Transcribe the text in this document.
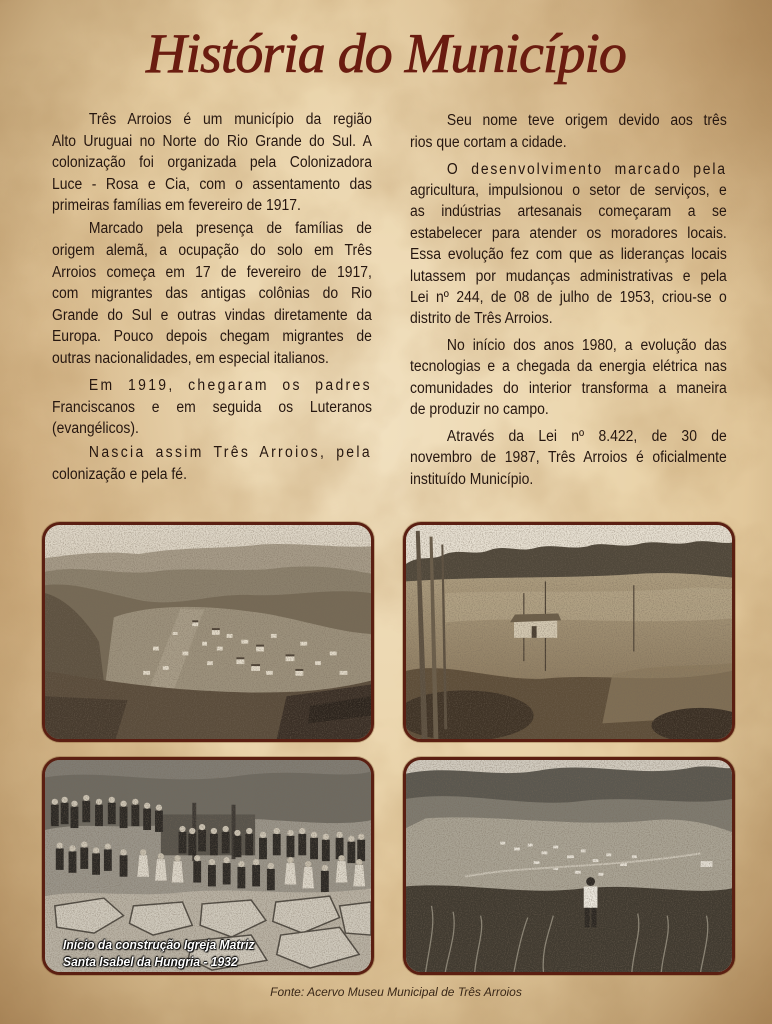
História do Município
Três Arroios é um município da região
Alto Uruguai no Norte do Rio Grande do Sul. A
colonização foi organizada pela Colonizadora
Luce - Rosa e Cia, com o assentamento das
primeiras famílias em fevereiro de 1917.
Marcado pela presença de famílias de
origem alemã, a ocupação do solo em Três
Arroios começa em 17 de fevereiro de 1917,
com migrantes das antigas colônias do Rio
Grande do Sul e outras vindas diretamente da
Europa. Pouco depois chegam migrantes de
outras nacionalidades, em especial italianos.
Em 1919, chegaram os padres
Franciscanos e em seguida os Luteranos
(evangélicos).
Nascia assim Três Arroios, pela
colonização e pela fé.
Seu nome teve origem devido aos três
rios que cortam a cidade.
O desenvolvimento marcado pela
agricultura, impulsionou o setor de serviços, e
as indústrias artesanais começaram a se
estabelecer para atender os moradores locais.
Essa evolução fez com que as lideranças locais
lutassem por mudanças administrativas e pela
Lei nº 244, de 08 de julho de 1953, criou-se o
distrito de Três Arroios.
No início dos anos 1980, a evolução das
tecnologias e a chegada da energia elétrica nas
comunidades do interior transforma a maneira
de produzir no campo.
Através da Lei nº 8.422, de 30 de
novembro de 1987, Três Arroios é oficialmente
instituído Município.
Início da construção Igreja Matriz
Santa Isabel da Hungria - 1932
Fonte: Acervo Museu Municipal de Três Arroios
